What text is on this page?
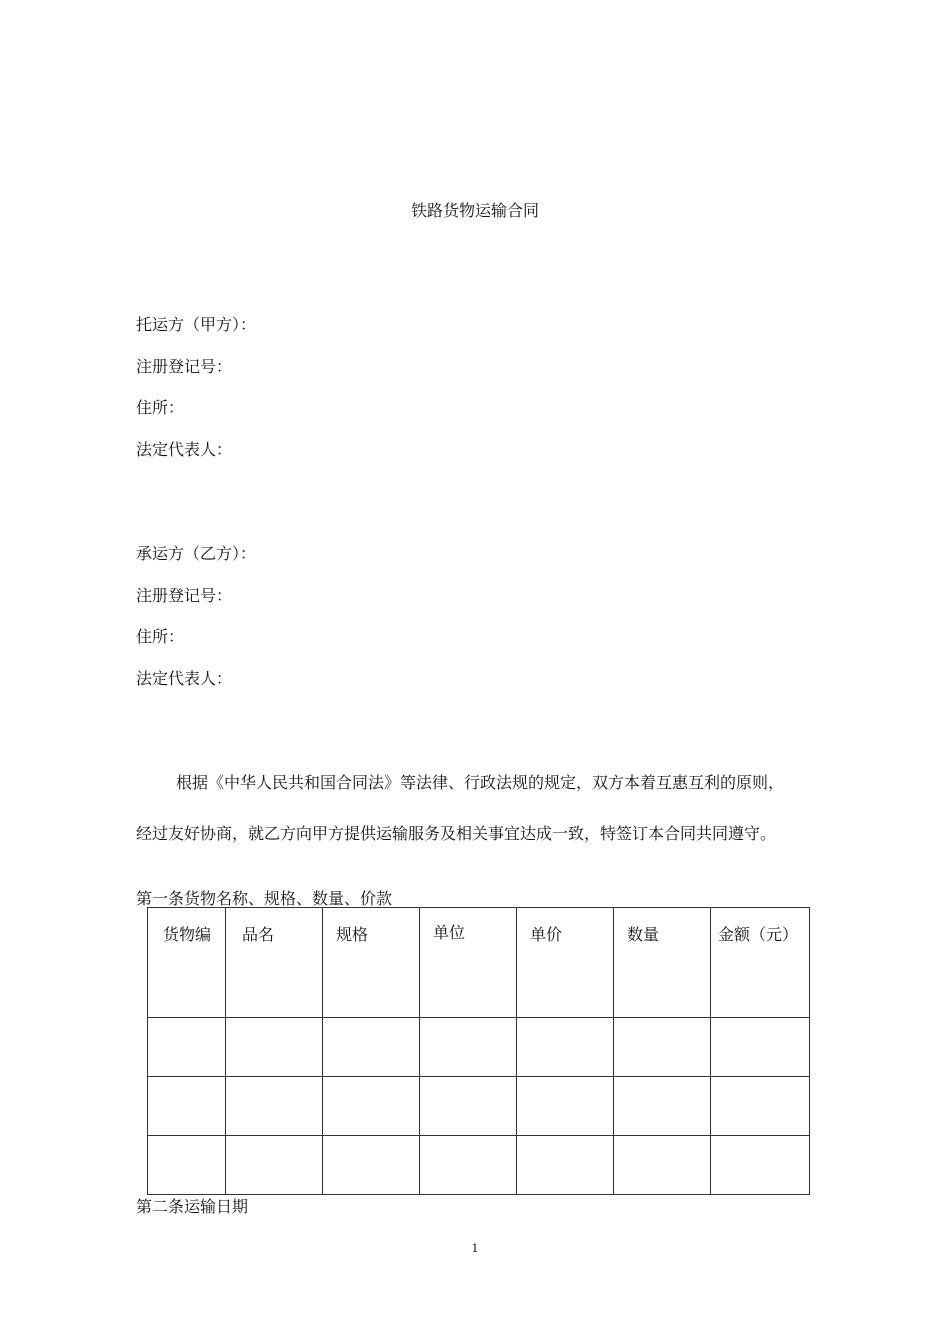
铁路货物运输合同
托运方（甲方）：
注册登记号：
住所：
法定代表人：
承运方（乙方）：
注册登记号：
住所：
法定代表人：
根据《中华人民共和国合同法》等法律、行政法规的规定，双方本着互惠互利的原则，
经过友好协商，就乙方向甲方提供运输服务及相关事宜达成一致，特签订本合同共同遵守。
第一条货物名称、规格、数量、价款
货物编	品名	规格	单位	单价	数量	金额（元）

第二条运输日期
1
